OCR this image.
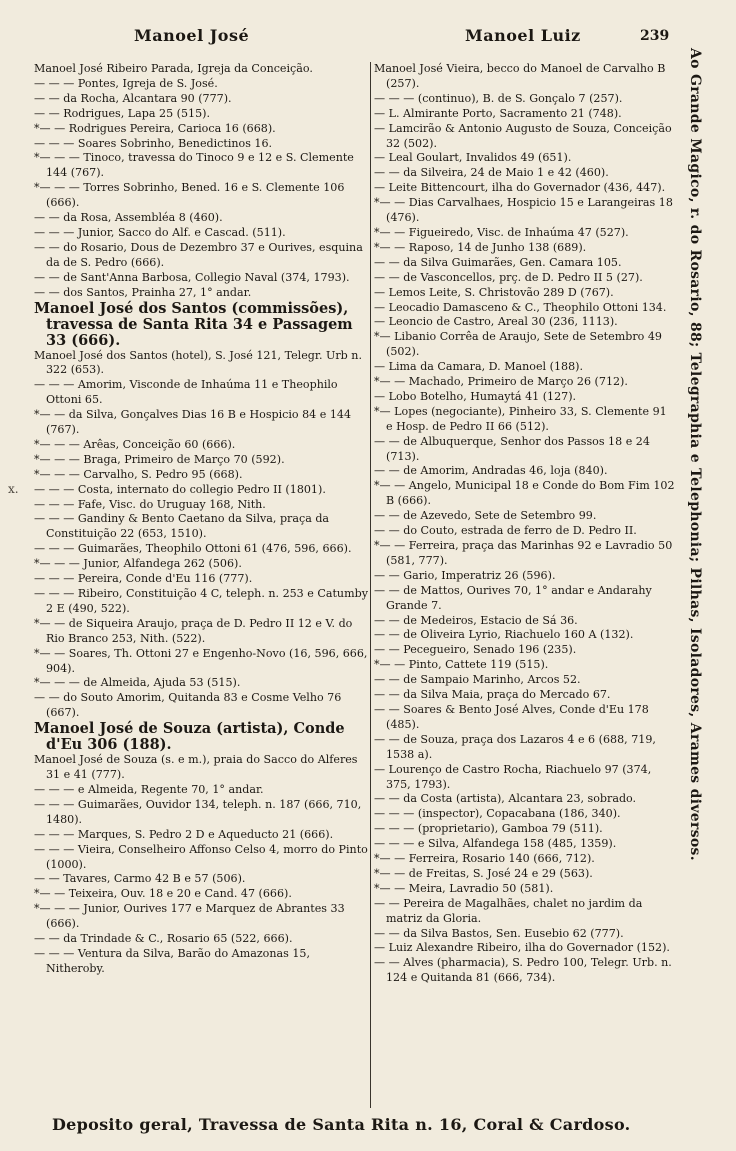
Manoel José	Manoel Luiz	239
x.

Manoel José Ribeiro Parada, Igreja da Conceição.

— — — Pontes, Igreja de S. José.

— — da Rocha, Alcantara 90 (777).

— — Rodrigues, Lapa 25 (515).

*— — Rodrigues Pereira, Carioca 16 (668).

— — — Soares Sobrinho, Benedictinos 16.

*— — — Tinoco, travessa do Tinoco 9 e 12 e S. Clemente 144 (767).

*— — — Torres Sobrinho, Bened. 16 e S. Clemente 106 (666).

— — da Rosa, Assembléa 8 (460).

— — — Junior, Sacco do Alf. e Cascad. (511).

— — do Rosario, Dous de Dezembro 37 e Ourives, esquina da de S. Pedro (666).

— — de Sant'Anna Barbosa, Collegio Naval (374, 1793).

— — dos Santos, Prainha 27, 1° andar.

Manoel José dos Santos (commissões), travessa de Santa Rita 34 e Passagem 33 (666).

Manoel José dos Santos (hotel), S. José 121, Telegr. Urb n. 322 (653).

— — — Amorim, Visconde de Inhaúma 11 e Theophilo Ottoni 65.

*— — da Silva, Gonçalves Dias 16 B e Hospicio 84 e 144 (767).

*— — — Arêas, Conceição 60 (666).

*— — — Braga, Primeiro de Março 70 (592).

*— — — Carvalho, S. Pedro 95 (668).

— — — Costa, internato do collegio Pedro II (1801).

— — — Fafe, Visc. do Uruguay 168, Nith.

— — — Gandiny & Bento Caetano da Silva, praça da Constituição 22 (653, 1510).

— — — Guimarães, Theophilo Ottoni 61 (476, 596, 666).

*— — — Junior, Alfandega 262 (506).

— — — Pereira, Conde d'Eu 116 (777).

— — — Ribeiro, Constituição 4 C, teleph. n. 253 e Catumby 2 E (490, 522).

*— — de Siqueira Araujo, praça de D. Pedro II 12 e V. do Rio Branco 253, Nith. (522).

*— — Soares, Th. Ottoni 27 e Engenho-Novo (16, 596, 666, 904).

*— — — de Almeida, Ajuda 53 (515).

— — do Souto Amorim, Quitanda 83 e Cosme Velho 76 (667).

Manoel José de Souza (artista), Conde d'Eu 306 (188).

Manoel José de Souza (s. e m.), praia do Sacco do Alferes 31 e 41 (777).

— — — e Almeida, Regente 70, 1° andar.

— — — Guimarães, Ouvidor 134, teleph. n. 187 (666, 710, 1480).

— — — Marques, S. Pedro 2 D e Aqueducto 21 (666).

— — — Vieira, Conselheiro Affonso Celso 4, morro do Pinto (1000).

— — Tavares, Carmo 42 B e 57 (506).

*— — Teixeira, Ouv. 18 e 20 e Cand. 47 (666).

*— — — Junior, Ourives 177 e Marquez de Abrantes 33 (666).

— — da Trindade & C., Rosario 65 (522, 666).

— — — Ventura da Silva, Barão do Amazonas 15, Nitheroby.

Manoel José Vieira, becco do Manoel de Carvalho B (257).

— — — (continuo), B. de S. Gonçalo 7 (257).

— L. Almirante Porto, Sacramento 21 (748).

— Lamcirão & Antonio Augusto de Souza, Conceição 32 (502).

— Leal Goulart, Invalidos 49 (651).

— — da Silveira, 24 de Maio 1 e 42 (460).

— Leite Bittencourt, ilha do Governador (436, 447).

*— — Dias Carvalhaes, Hospicio 15 e Larangeiras 18 (476).

*— — Figueiredo, Visc. de Inhaúma 47 (527).

*— — Raposo, 14 de Junho 138 (689).

— — da Silva Guimarães, Gen. Camara 105.

— — de Vasconcellos, prç. de D. Pedro II 5 (27).

— Lemos Leite, S. Christovão 289 D (767).

— Leocadio Damasceno & C., Theophilo Ottoni 134.

— Leoncio de Castro, Areal 30 (236, 1113).

*— Libanio Corrêa de Araujo, Sete de Setembro 49 (502).

— Lima da Camara, D. Manoel (188).

*— — Machado, Primeiro de Março 26 (712).

— Lobo Botelho, Humaytá 41 (127).

*— Lopes (negociante), Pinheiro 33, S. Clemente 91 e Hosp. de Pedro II 66 (512).

— — de Albuquerque, Senhor dos Passos 18 e 24 (713).

— — de Amorim, Andradas 46, loja (840).

*— — Angelo, Municipal 18 e Conde do Bom Fim 102 B (666).

— — de Azevedo, Sete de Setembro 99.

— — do Couto, estrada de ferro de D. Pedro II.

*— — Ferreira, praça das Marinhas 92 e Lavradio 50 (581, 777).

— — Gario, Imperatriz 26 (596).

— — de Mattos, Ourives 70, 1° andar e Andarahy Grande 7.

— — de Medeiros, Estacio de Sá 36.

— — de Oliveira Lyrio, Riachuelo 160 A (132).

— — Pecegueiro, Senado 196 (235).

*— — Pinto, Cattete 119 (515).

— — de Sampaio Marinho, Arcos 52.

— — da Silva Maia, praça do Mercado 67.

— — Soares & Bento José Alves, Conde d'Eu 178 (485).

— — de Souza, praça dos Lazaros 4 e 6 (688, 719, 1538 a).

— Lourenço de Castro Rocha, Riachuelo 97 (374, 375, 1793).

— — da Costa (artista), Alcantara 23, sobrado.

— — — (inspector), Copacabana (186, 340).

— — — (proprietario), Gamboa 79 (511).

— — — e Silva, Alfandega 158 (485, 1359).

*— — Ferreira, Rosario 140 (666, 712).

*— — de Freitas, S. José 24 e 29 (563).

*— — Meira, Lavradio 50 (581).

— — Pereira de Magalhães, chalet no jardim da matriz da Gloria.

— — da Silva Bastos, Sen. Eusebio 62 (777).

— Luiz Alexandre Ribeiro, ilha do Governador (152).

— — Alves (pharmacia), S. Pedro 100, Telegr. Urb. n. 124 e Quitanda 81 (666, 734).

Ao Grande Magico, r. do Rosario, 88; Telegraphia e Telephonia; Pilhas, Isoladores, Arames diversos.
Deposito geral, Travessa de Santa Rita n. 16, Coral & Cardoso.
